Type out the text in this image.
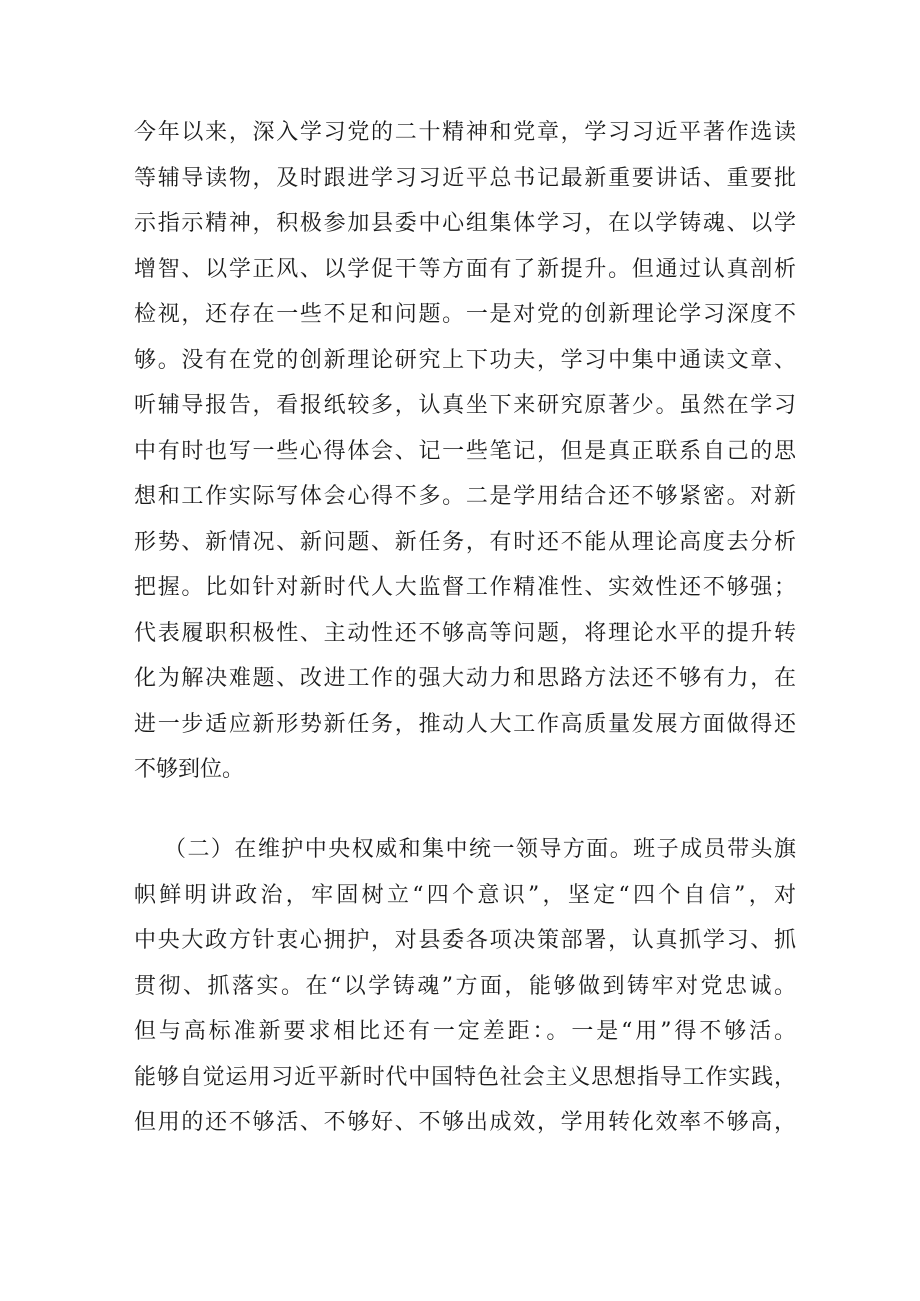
今年以来，深入学习党的二十精神和党章，学习习近平著作选读
等辅导读物，及时跟进学习习近平总书记最新重要讲话、重要批
示指示精神，积极参加县委中心组集体学习，在以学铸魂、以学
增智、以学正风、以学促干等方面有了新提升。但通过认真剖析
检视，还存在一些不足和问题。一是对党的创新理论学习深度不
够。没有在党的创新理论研究上下功夫，学习中集中通读文章、
听辅导报告，看报纸较多，认真坐下来研究原著少。虽然在学习
中有时也写一些心得体会、记一些笔记，但是真正联系自己的思
想和工作实际写体会心得不多。二是学用结合还不够紧密。对新
形势、新情况、新问题、新任务，有时还不能从理论高度去分析
把握。比如针对新时代人大监督工作精准性、实效性还不够强；
代表履职积极性、主动性还不够高等问题，将理论水平的提升转
化为解决难题、改进工作的强大动力和思路方法还不够有力，在
进一步适应新形势新任务，推动人大工作高质量发展方面做得还
不够到位。
（二）在维护中央权威和集中统一领导方面。班子成员带头旗
帜鲜明讲政治，牢固树立“四个意识”，坚定“四个自信”，对
中央大政方针衷心拥护，对县委各项决策部署，认真抓学习、抓
贯彻、抓落实。在“以学铸魂”方面，能够做到铸牢对党忠诚。
但与高标准新要求相比还有一定差距：。一是“用”得不够活。
能够自觉运用习近平新时代中国特色社会主义思想指导工作实践，
但用的还不够活、不够好、不够出成效，学用转化效率不够高，
